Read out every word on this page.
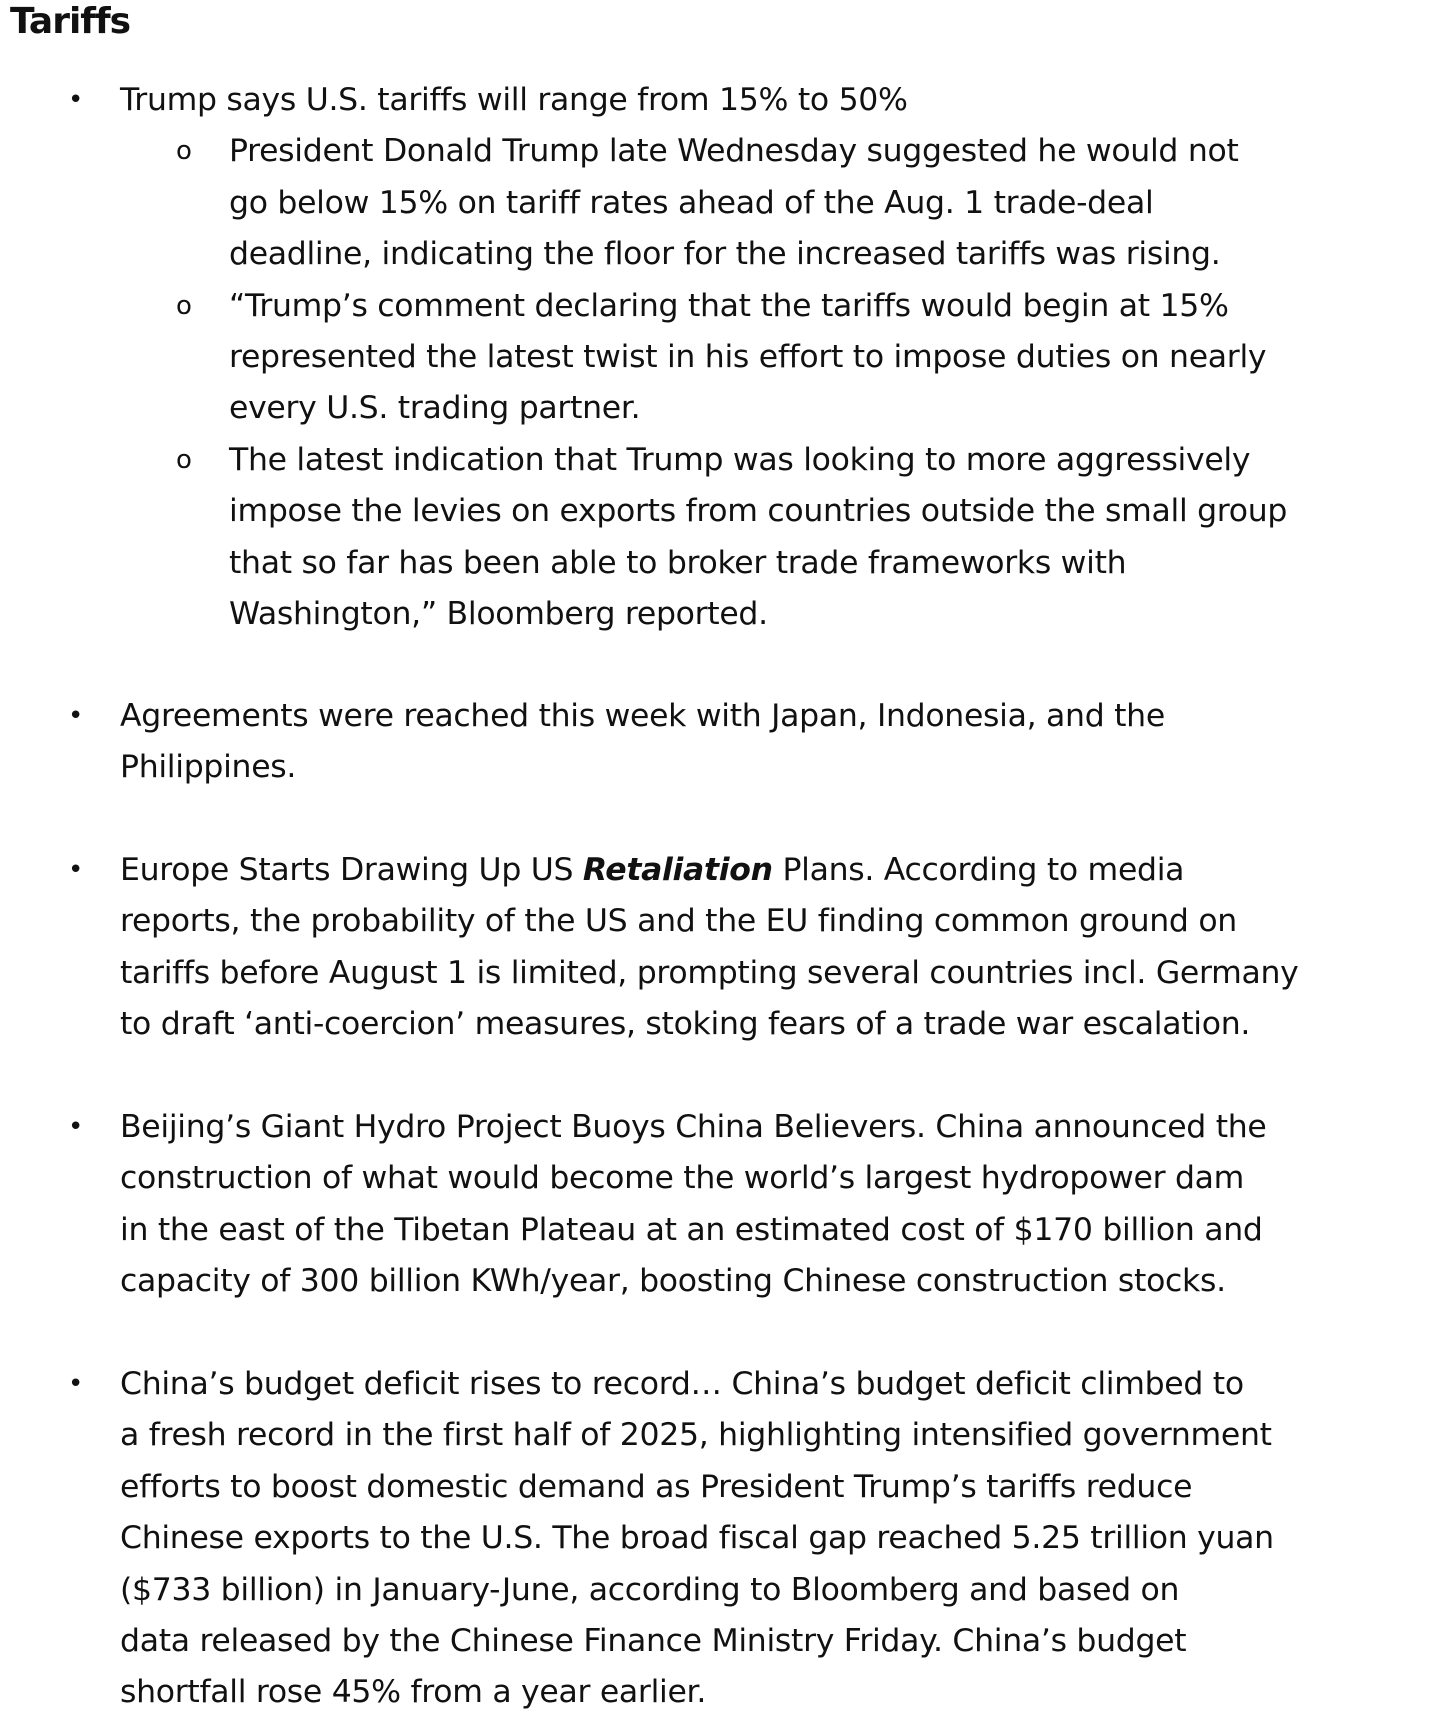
Tariffs
•	Trump says U.S. tariffs will range from 15% to 50%
o	President Donald Trump late Wednesday suggested he would not
go below 15% on tariff rates ahead of the Aug. 1 trade-deal
deadline, indicating the floor for the increased tariffs was rising.
o	“Trump’s comment declaring that the tariffs would begin at 15%
represented the latest twist in his effort to impose duties on nearly
every U.S. trading partner.
o	The latest indication that Trump was looking to more aggressively
impose the levies on exports from countries outside the small group
that so far has been able to broker trade frameworks with
Washington,” Bloomberg reported.
•	Agreements were reached this week with Japan, Indonesia, and the
Philippines.
•	Europe Starts Drawing Up US Retaliation Plans. According to media
reports, the probability of the US and the EU finding common ground on
tariffs before August 1 is limited, prompting several countries incl. Germany
to draft ‘anti-coercion’ measures, stoking fears of a trade war escalation.
•	Beijing’s Giant Hydro Project Buoys China Believers. China announced the
construction of what would become the world’s largest hydropower dam
in the east of the Tibetan Plateau at an estimated cost of $170 billion and
capacity of 300 billion KWh/year, boosting Chinese construction stocks.
•	China’s budget deficit rises to record… China’s budget deficit climbed to
a fresh record in the first half of 2025, highlighting intensified government
efforts to boost domestic demand as President Trump’s tariffs reduce
Chinese exports to the U.S. The broad fiscal gap reached 5.25 trillion yuan
($733 billion) in January-June, according to Bloomberg and based on
data released by the Chinese Finance Ministry Friday. China’s budget
shortfall rose 45% from a year earlier.
